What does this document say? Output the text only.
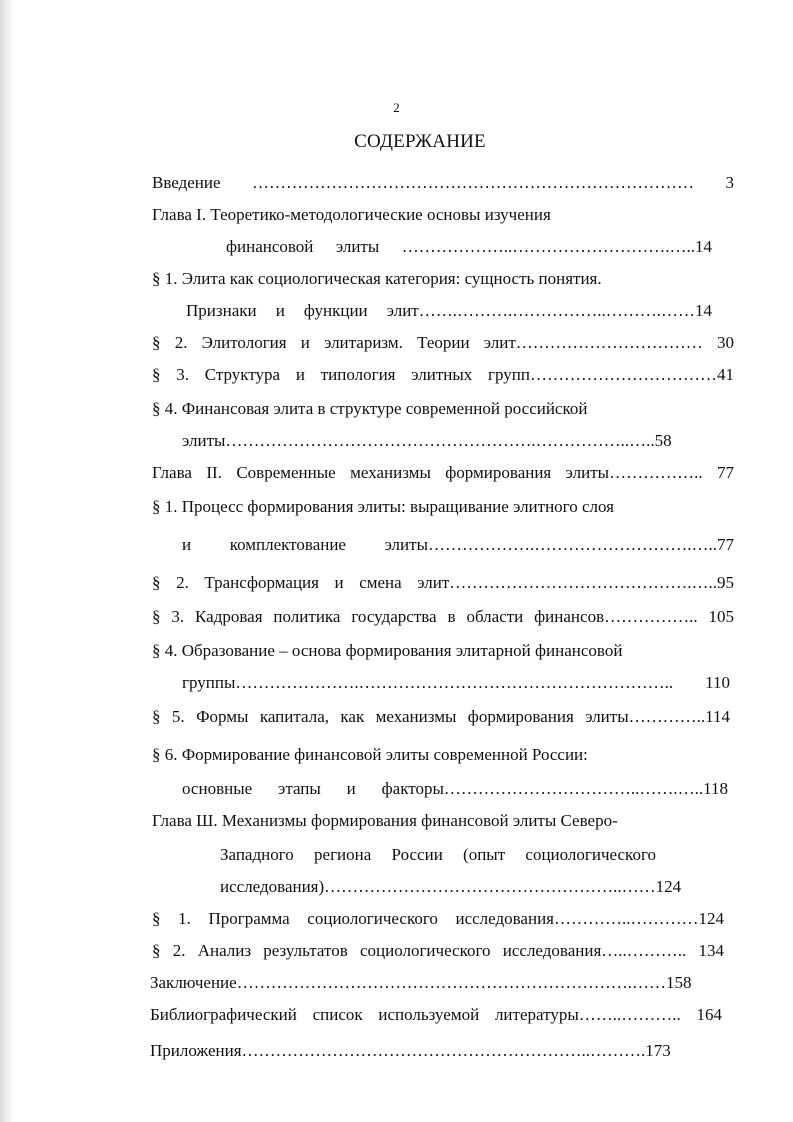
2
СОДЕРЖАНИЕ
Введение …………………………………………………………………… 3
Глава I. Теоретико-методологические основы изучения
финансовой элиты ………………..……………………….…..14
§ 1. Элита как социологическая категория: сущность понятия.
Признаки и функции элит…….……….……………..……….……14
§ 2. Элитология и элитаризм. Теории элит…………………………… 30
§ 3. Структура и типология элитных групп……………………………41
§ 4. Финансовая элита в структуре современной российской
элиты……………………………………………….……………..…..58
Глава II. Современные механизмы формирования элиты…………….. 77
§ 1. Процесс формирования элиты: выращивание элитного слоя
и комплектование элиты……………….……………………….…..77
§ 2. Трансформация и смена элит…………………………………….…..95
§ 3. Кадровая политика государства в области финансов…………….. 105
§ 4. Образование – основа формирования элитарной финансовой
группы………………….……………………………………………….. 110
§ 5. Формы капитала, как механизмы формирования элиты…………..114
§ 6. Формирование финансовой элиты современной России:
основные этапы и факторы……………………………..…….…..118
Глава Ш. Механизмы формирования финансовой элиты Северо-
Западного региона России (опыт социологического
исследования)……………………………………………..……124
§ 1. Программа социологического исследования…………..…………124
§ 2. Анализ результатов социологического исследования…..……….. 134
Заключение…………………………………………………………….……158
Библиографический список используемой литературы……..……….. 164
Приложения……………………………………………………..……….173
